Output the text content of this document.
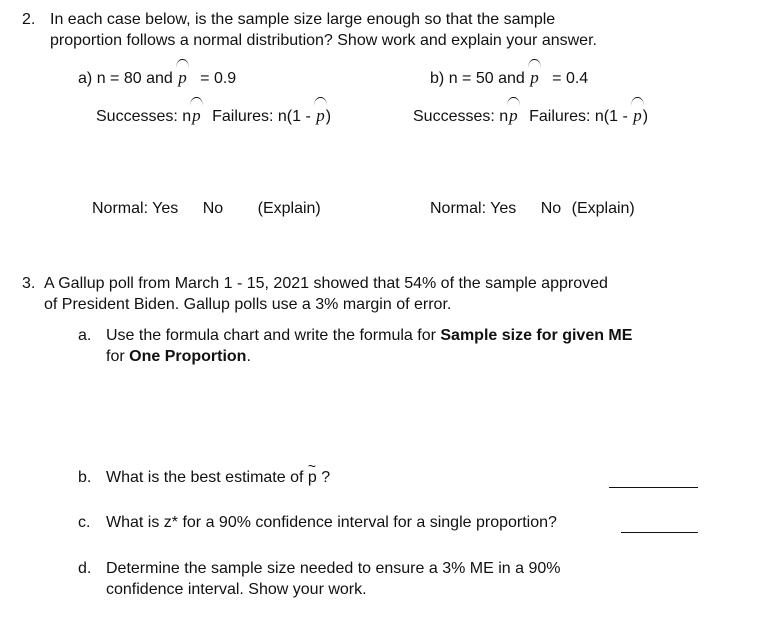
2. In each case below, is the sample size large enough so that the sample
proportion follows a normal distribution? Show work and explain your answer.
a) n = 80 and p = 0.9
Successes: np Failures: n(1 - p)
Normal: Yes No (Explain)
b) n = 50 and p = 0.4
Successes: np Failures: n(1 - p)
Normal: Yes No (Explain)
3. A Gallup poll from March 1 - 15, 2021 showed that 54% of the sample approved
of President Biden. Gallup polls use a 3% margin of error.
a. Use the formula chart and write the formula for Sample size for given ME
for One Proportion.
b. What is the best estimate of ~ p ?
c. What is z* for a 90% confidence interval for a single proportion?
d. Determine the sample size needed to ensure a 3% ME in a 90%
confidence interval. Show your work.
